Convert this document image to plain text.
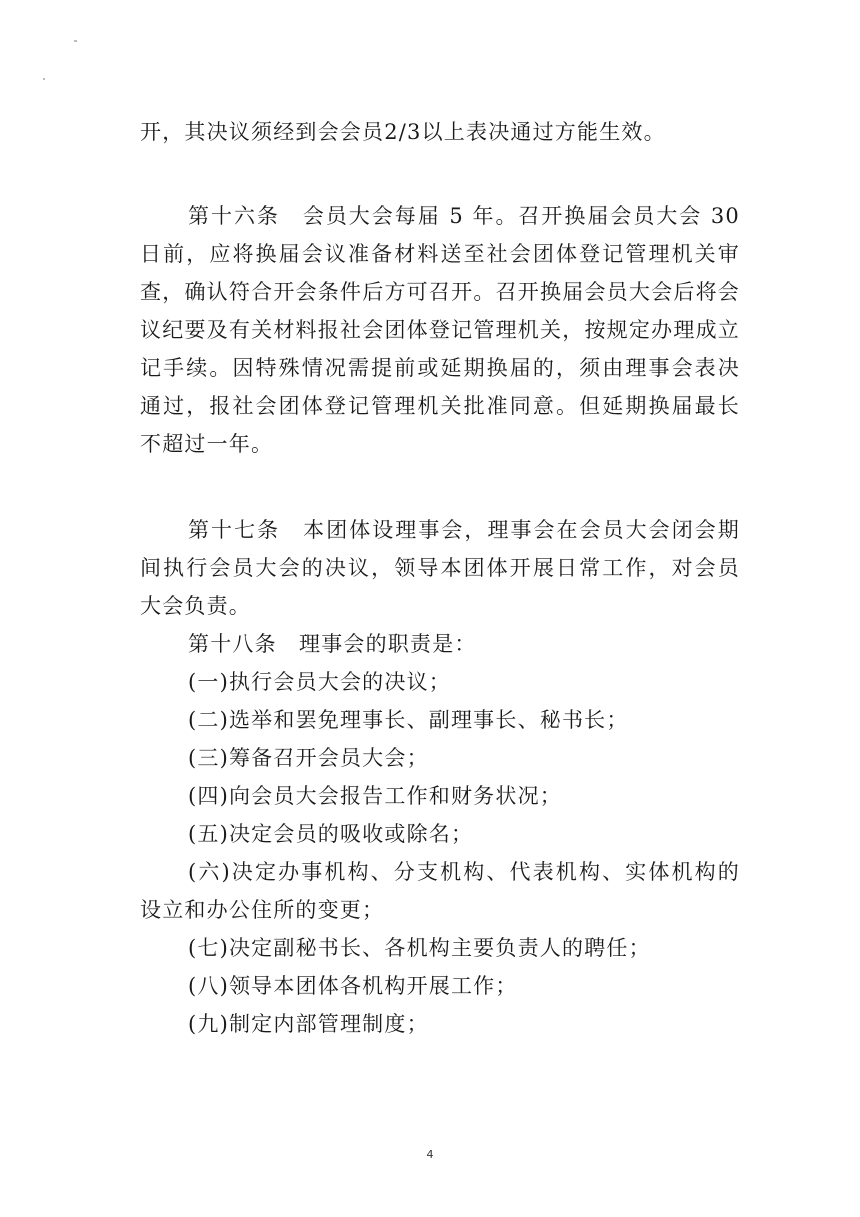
开，其决议须经到会会员2/3以上表决通过方能生效。
第十六条　会员大会每届 5 年。召开换届会员大会 30
日前，应将换届会议准备材料送至社会团体登记管理机关审
查，确认符合开会条件后方可召开。召开换届会员大会后将会
议纪要及有关材料报社会团体登记管理机关，按规定办理成立
记手续。因特殊情况需提前或延期换届的，须由理事会表决
通过，报社会团体登记管理机关批准同意。但延期换届最长
不超过一年。
第十七条　本团体设理事会，理事会在会员大会闭会期
间执行会员大会的决议，领导本团体开展日常工作，对会员
大会负责。
第十八条　理事会的职责是：
(一)执行会员大会的决议；
(二)选举和罢免理事长、副理事长、秘书长；
(三)筹备召开会员大会；
(四)向会员大会报告工作和财务状况；
(五)决定会员的吸收或除名；
(六)决定办事机构、分支机构、代表机构、实体机构的
设立和办公住所的变更；
(七)决定副秘书长、各机构主要负责人的聘任；
(八)领导本团体各机构开展工作；
(九)制定内部管理制度；
4
